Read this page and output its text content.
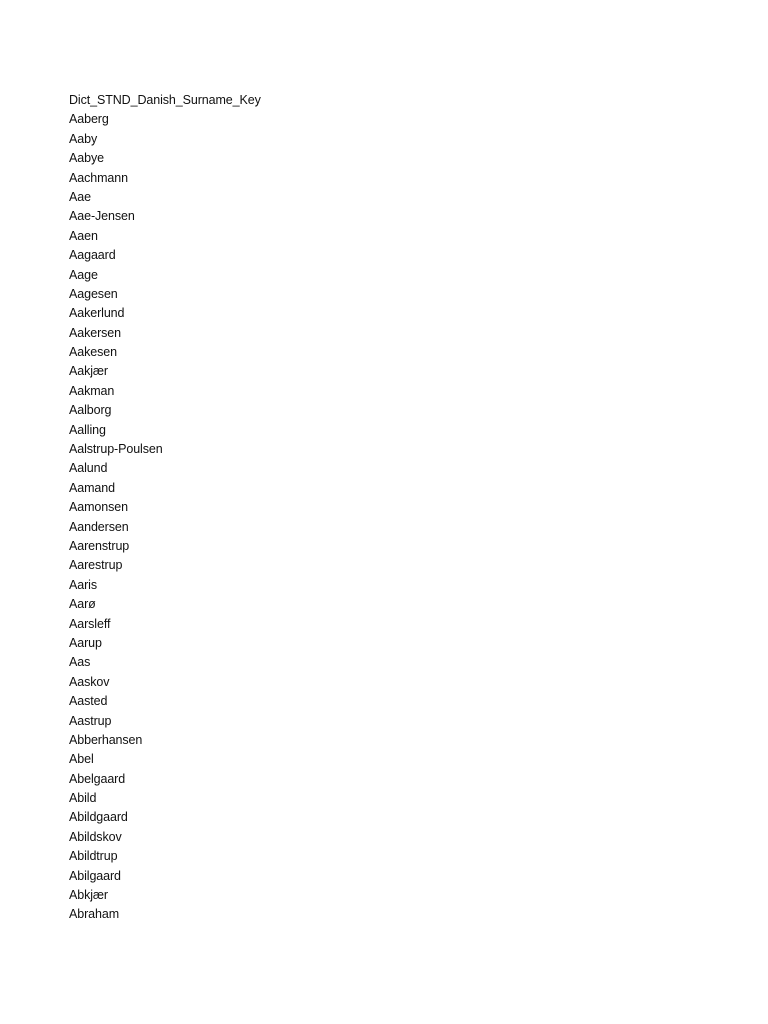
Dict_STND_Danish_Surname_Key
Aaberg
Aaby
Aabye
Aachmann
Aae
Aae-Jensen
Aaen
Aagaard
Aage
Aagesen
Aakerlund
Aakersen
Aakesen
Aakjær
Aakman
Aalborg
Aalling
Aalstrup-Poulsen
Aalund
Aamand
Aamonsen
Aandersen
Aarenstrup
Aarestrup
Aaris
Aarø
Aarsleff
Aarup
Aas
Aaskov
Aasted
Aastrup
Abberhansen
Abel
Abelgaard
Abild
Abildgaard
Abildskov
Abildtrup
Abilgaard
Abkjær
Abraham
